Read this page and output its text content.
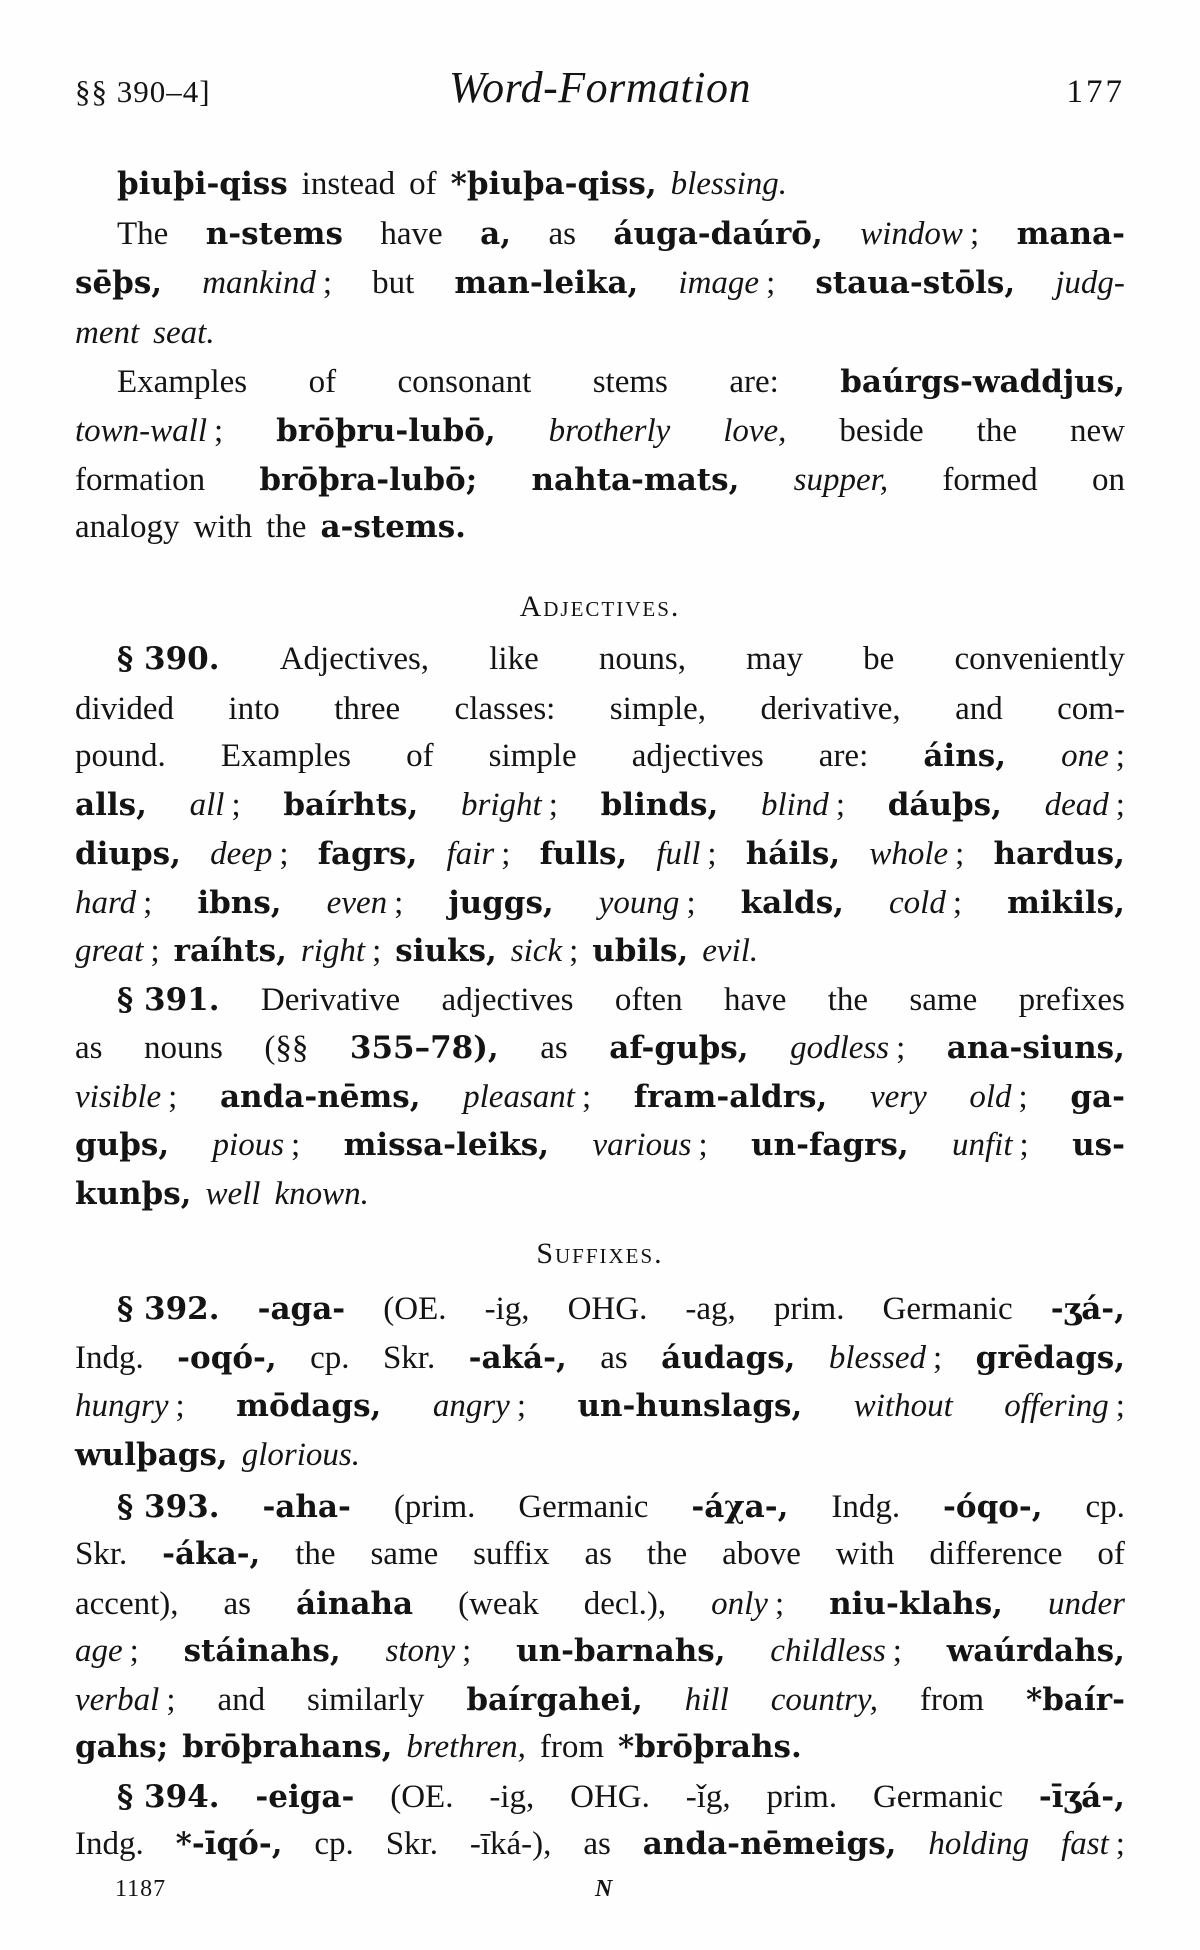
§§ 390–4]	Word-Formation	177
þiuþi-qiss instead of *þiuþa-qiss, blessing.
The n-stems have a, as áuga-daúrō, window ; mana-
sēþs, mankind ; but man-leika, image ; staua-stōls, judg-
ment seat.
Examples of consonant stems are: baúrgs-waddjus,
town-wall ; brōþru-lubō, brotherly love, beside the new
formation brōþra-lubō; nahta-mats, supper, formed on
analogy with the a-stems.
Adjectives.
§ 390. Adjectives, like nouns, may be conveniently
divided into three classes: simple, derivative, and com-
pound. Examples of simple adjectives are: áins, one ;
alls, all ; baírhts, bright ; blinds, blind ; dáuþs, dead ;
diups, deep ; fagrs, fair ; fulls, full ; háils, whole ; hardus,
hard ; ibns, even ; juggs, young ; kalds, cold ; mikils,
great ; raíhts, right ; siuks, sick ; ubils, evil.
§ 391. Derivative adjectives often have the same prefixes
as nouns (§§ 355–78), as af-guþs, godless ; ana-siuns,
visible ; anda-nēms, pleasant ; fram-aldrs, very old ; ga-
guþs, pious ; missa-leiks, various ; un-fagrs, unfit ; us-
kunþs, well known.
Suffixes.
§ 392. -aga- (OE. -ig, OHG. -ag, prim. Germanic -ʒá-,
Indg. -oqó-, cp. Skr. -aká-, as áudags, blessed ; grēdags,
hungry ; mōdags, angry ; un-hunslags, without offering ;
wulþags, glorious.
§ 393. -aha- (prim. Germanic -áχa-, Indg. -óqo-, cp.
Skr. -áka-, the same suffix as the above with difference of
accent), as áinaha (weak decl.), only ; niu-klahs, under
age ; stáinahs, stony ; un-barnahs, childless ; waúrdahs,
verbal ; and similarly baírgahei, hill country, from *baír-
gahs; brōþrahans, brethren, from *brōþrahs.
§ 394. -eiga- (OE. -ig, OHG. -ǐg, prim. Germanic -īʒá-,
Indg. *-īqó-, cp. Skr. -īká-), as anda-nēmeigs, holding fast ;
1187	N
